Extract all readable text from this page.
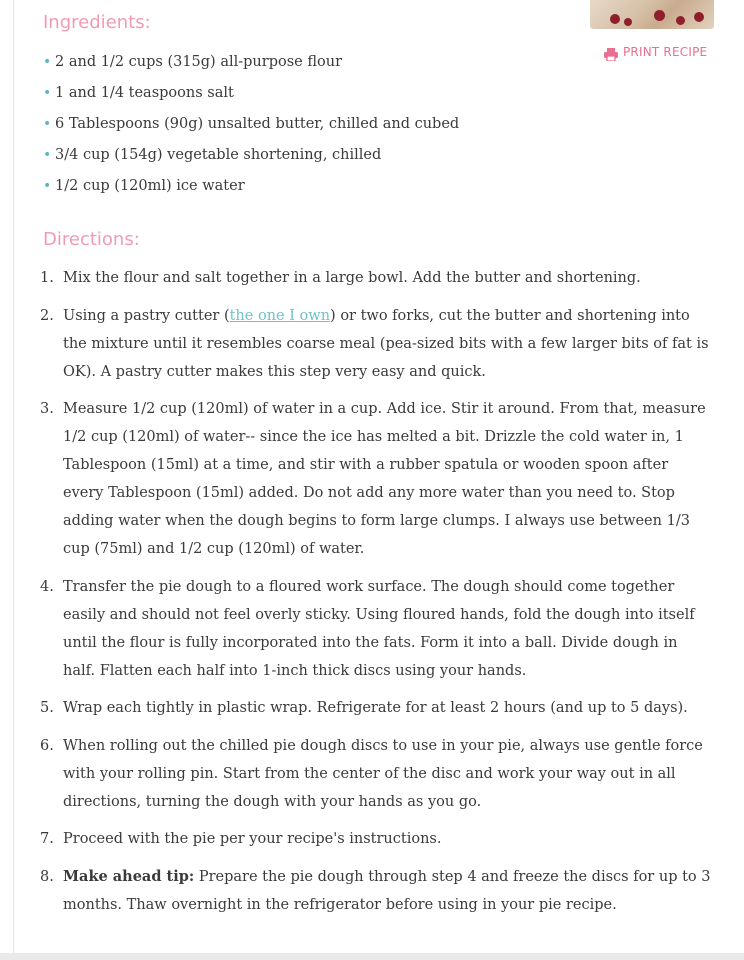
Ingredients:
PRINT RECIPE
• 2 and 1/2 cups (315g) all-purpose flour
• 1 and 1/4 teaspoons salt
• 6 Tablespoons (90g) unsalted butter, chilled and cubed
• 3/4 cup (154g) vegetable shortening, chilled
• 1/2 cup (120ml) ice water
Directions:
1. Mix the flour and salt together in a large bowl. Add the butter and shortening.
2. Using a pastry cutter (the one I own) or two forks, cut the butter and shortening into the mixture until it resembles coarse meal (pea-sized bits with a few larger bits of fat is OK). A pastry cutter makes this step very easy and quick.
3. Measure 1/2 cup (120ml) of water in a cup. Add ice. Stir it around. From that, measure 1/2 cup (120ml) of water-- since the ice has melted a bit. Drizzle the cold water in, 1 Tablespoon (15ml) at a time, and stir with a rubber spatula or wooden spoon after every Tablespoon (15ml) added. Do not add any more water than you need to. Stop adding water when the dough begins to form large clumps. I always use between 1/3 cup (75ml) and 1/2 cup (120ml) of water.
4. Transfer the pie dough to a floured work surface. The dough should come together easily and should not feel overly sticky. Using floured hands, fold the dough into itself until the flour is fully incorporated into the fats. Form it into a ball. Divide dough in half. Flatten each half into 1-inch thick discs using your hands.
5. Wrap each tightly in plastic wrap. Refrigerate for at least 2 hours (and up to 5 days).
6. When rolling out the chilled pie dough discs to use in your pie, always use gentle force with your rolling pin. Start from the center of the disc and work your way out in all directions, turning the dough with your hands as you go.
7. Proceed with the pie per your recipe's instructions.
8. Make ahead tip: Prepare the pie dough through step 4 and freeze the discs for up to 3 months. Thaw overnight in the refrigerator before using in your pie recipe.
